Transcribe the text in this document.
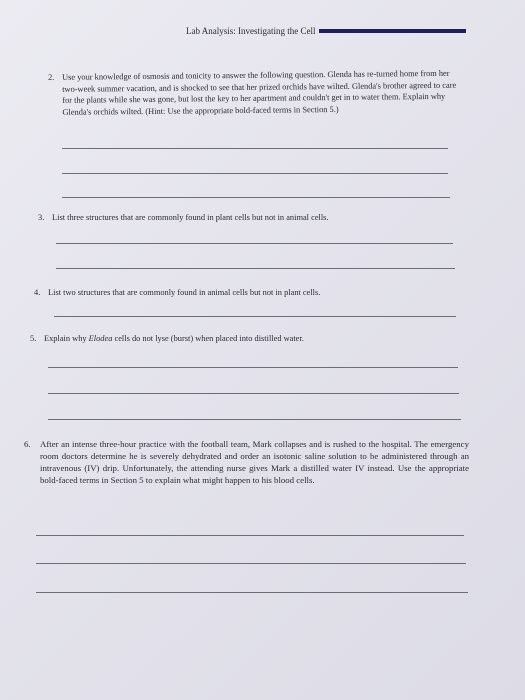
Lab Analysis: Investigating the Cell
2. Use your knowledge of osmosis and tonicity to answer the following question. Glenda has re-turned home from her two-week summer vacation, and is shocked to see that her prized orchids have wilted. Glenda's brother agreed to care for the plants while she was gone, but lost the key to her apartment and couldn't get in to water them. Explain why Glenda's orchids wilted. (Hint: Use the appropriate bold-faced terms in Section 5.)
3. List three structures that are commonly found in plant cells but not in animal cells.
4. List two structures that are commonly found in animal cells but not in plant cells.
5. Explain why Elodea cells do not lyse (burst) when placed into distilled water.
6. After an intense three-hour practice with the football team, Mark collapses and is rushed to the hospital. The emergency room doctors determine he is severely dehydrated and order an isotonic saline solution to be administered through an intravenous (IV) drip. Unfortunately, the attending nurse gives Mark a distilled water IV instead. Use the appropriate bold-faced terms in Section 5 to explain what might happen to his blood cells.
